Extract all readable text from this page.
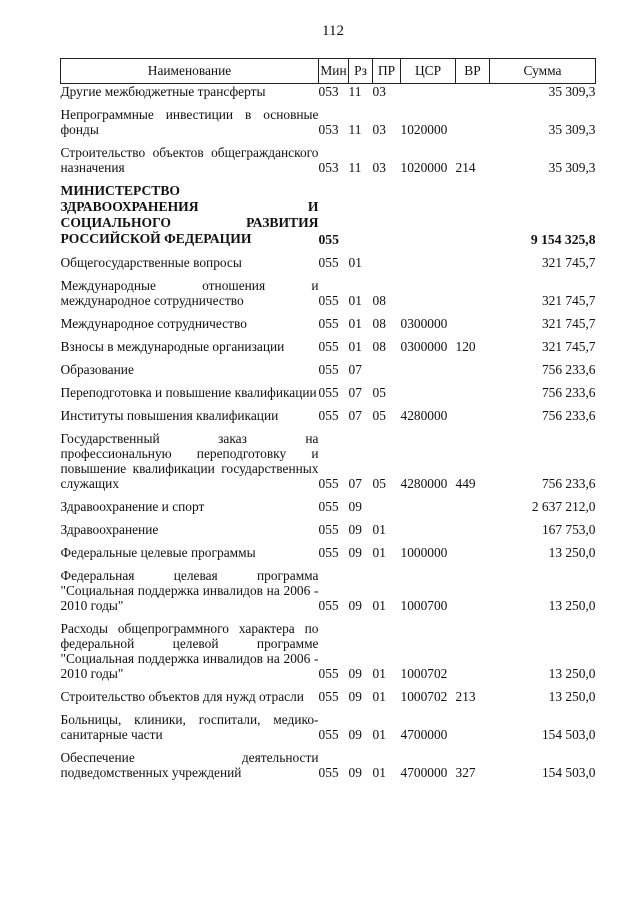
112
Наименование	Мин	Рз	ПР	ЦСР	ВР	Сумма
Другие межбюджетные трансферты	053	11	03			35 309,3
Непрограммные инвестиции в основные фонды	053	11	03	1020000		35 309,3
Строительство объектов общегражданского назначения	053	11	03	1020000	214	35 309,3
МИНИСТЕРСТВО ЗДРАВООХРАНЕНИЯ И СОЦИАЛЬНОГО РАЗВИТИЯ РОССИЙСКОЙ ФЕДЕРАЦИИ	055					9 154 325,8
Общегосударственные вопросы	055	01				321 745,7
Международные отношения и международное сотрудничество	055	01	08			321 745,7
Международное сотрудничество	055	01	08	0300000		321 745,7
Взносы в международные организации	055	01	08	0300000	120	321 745,7
Образование	055	07				756 233,6
Переподготовка и повышение квалификации	055	07	05			756 233,6
Институты повышения квалификации	055	07	05	4280000		756 233,6
Государственный заказ на профессиональную переподготовку и повышение квалификации государственных служащих	055	07	05	4280000	449	756 233,6
Здравоохранение и спорт	055	09				2 637 212,0
Здравоохранение	055	09	01			167 753,0
Федеральные целевые программы	055	09	01	1000000		13 250,0
Федеральная целевая программа "Социальная поддержка инвалидов на 2006 - 2010 годы"	055	09	01	1000700		13 250,0
Расходы общепрограммного характера по федеральной целевой программе "Социальная поддержка инвалидов на 2006 - 2010 годы"	055	09	01	1000702		13 250,0
Строительство объектов для нужд отрасли	055	09	01	1000702	213	13 250,0
Больницы, клиники, госпитали, медико-санитарные части	055	09	01	4700000		154 503,0
Обеспечение деятельности подведомственных учреждений	055	09	01	4700000	327	154 503,0
